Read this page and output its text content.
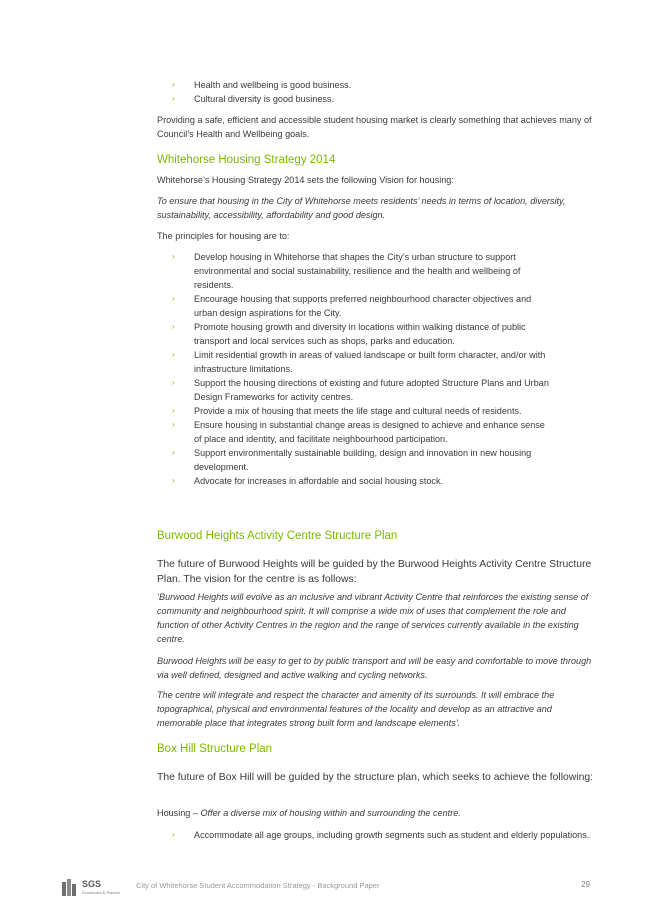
› Health and wellbeing is good business.
› Cultural diversity is good business.

Providing a safe, efficient and accessible student housing market is clearly something that achieves many of Council’s Health and Wellbeing goals.

Whitehorse Housing Strategy 2014

Whitehorse’s Housing Strategy 2014 sets the following Vision for housing:

To ensure that housing in the City of Whitehorse meets residents’ needs in terms of location, diversity, sustainability, accessibility, affordability and good design.

The principles for housing are to:

› Develop housing in Whitehorse that shapes the City’s urban structure to support environmental and social sustainability, resilience and the health and wellbeing of residents.
› Encourage housing that supports preferred neighbourhood character objectives and urban design aspirations for the City.
› Promote housing growth and diversity in locations within walking distance of public transport and local services such as shops, parks and education.
› Limit residential growth in areas of valued landscape or built form character, and/or with infrastructure limitations.
› Support the housing directions of existing and future adopted Structure Plans and Urban Design Frameworks for activity centres.
› Provide a mix of housing that meets the life stage and cultural needs of residents.
› Ensure housing in substantial change areas is designed to achieve and enhance sense of place and identity, and facilitate neighbourhood participation.
› Support environmentally sustainable building, design and innovation in new housing development.
› Advocate for increases in affordable and social housing stock.
Burwood Heights Activity Centre Structure Plan

The future of Burwood Heights will be guided by the Burwood Heights Activity Centre Structure Plan. The vision for the centre is as follows:

‘Burwood Heights will evolve as an inclusive and vibrant Activity Centre that reinforces the existing sense of community and neighbourhood spirit. It will comprise a wide mix of uses that complement the role and function of other Activity Centres in the region and the range of services currently available in the existing centre.

Burwood Heights will be easy to get to by public transport and will be easy and comfortable to move through via well defined, designed and active walking and cycling networks.

The centre will integrate and respect the character and amenity of its surrounds. It will embrace the topographical, physical and environmental features of the locality and develop as an attractive and memorable place that integrates strong built form and landscape elements’.

Box Hill Structure Plan

The future of Box Hill will be guided by the structure plan, which seeks to achieve the following:

Housing – Offer a diverse mix of housing within and surrounding the centre.

› Accommodate all age groups, including growth segments such as student and elderly populations.
SGS
Economics & Planning
City of Whitehorse Student Accommodation Strategy - Background Paper	29
